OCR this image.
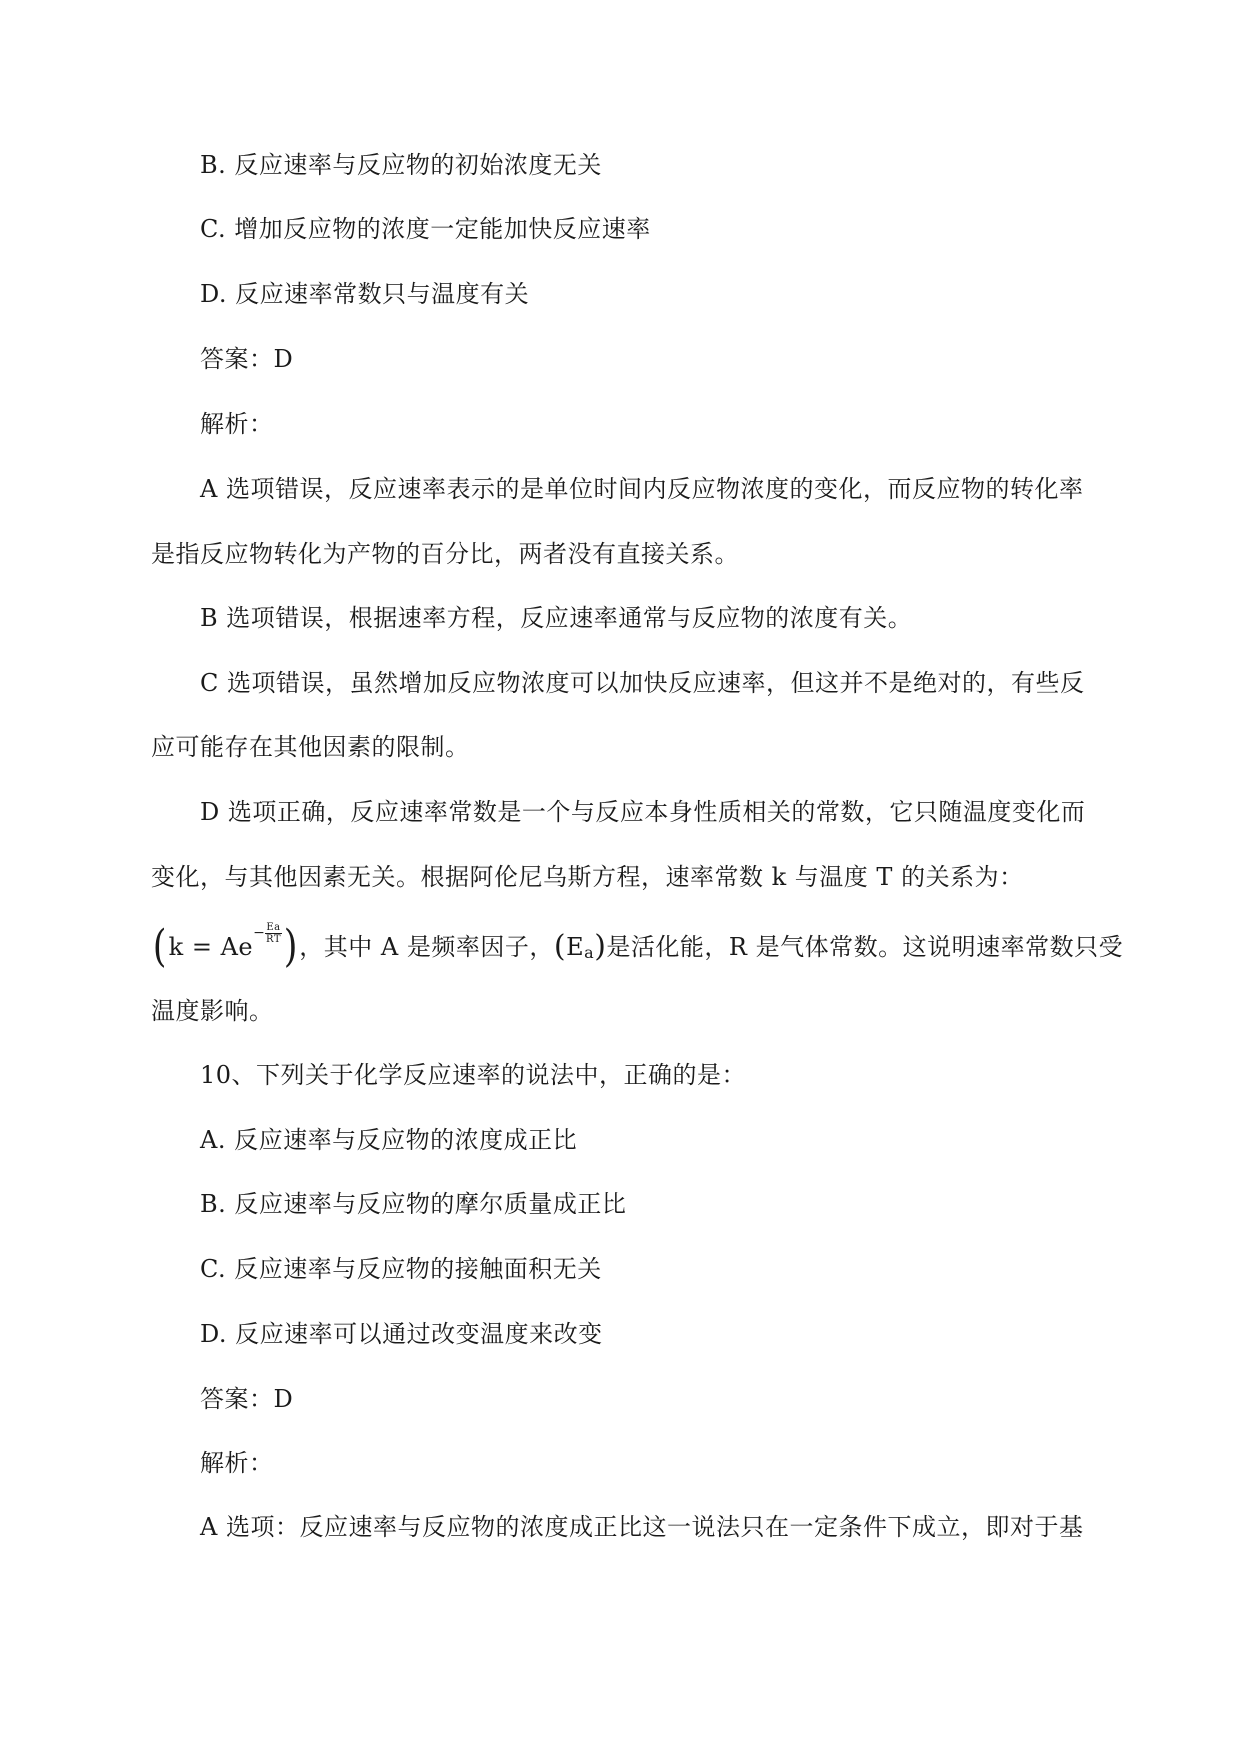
B. 反应速率与反应物的初始浓度无关
C. 增加反应物的浓度一定能加快反应速率
D. 反应速率常数只与温度有关
答案：D
解析：
A 选项错误，反应速率表示的是单位时间内反应物浓度的变化，而反应物的转化率
是指反应物转化为产物的百分比，两者没有直接关系。
B 选项错误，根据速率方程，反应速率通常与反应物的浓度有关。
C 选项错误，虽然增加反应物浓度可以加快反应速率，但这并不是绝对的，有些反
应可能存在其他因素的限制。
D 选项正确，反应速率常数是一个与反应本身性质相关的常数，它只随温度变化而
变化，与其他因素无关。根据阿伦尼乌斯方程，速率常数 k 与温度 T 的关系为：
( $k = Ae - \frac{Ea}{RT}$ ) ，其中 A 是频率因子， ( E a ) 是活化能，R 是气体常数。这说明速率常数只受
温度影响。
10、下列关于化学反应速率的说法中，正确的是：
A. 反应速率与反应物的浓度成正比
B. 反应速率与反应物的摩尔质量成正比
C. 反应速率与反应物的接触面积无关
D. 反应速率可以通过改变温度来改变
答案：D
解析：
A 选项：反应速率与反应物的浓度成正比这一说法只在一定条件下成立，即对于基
